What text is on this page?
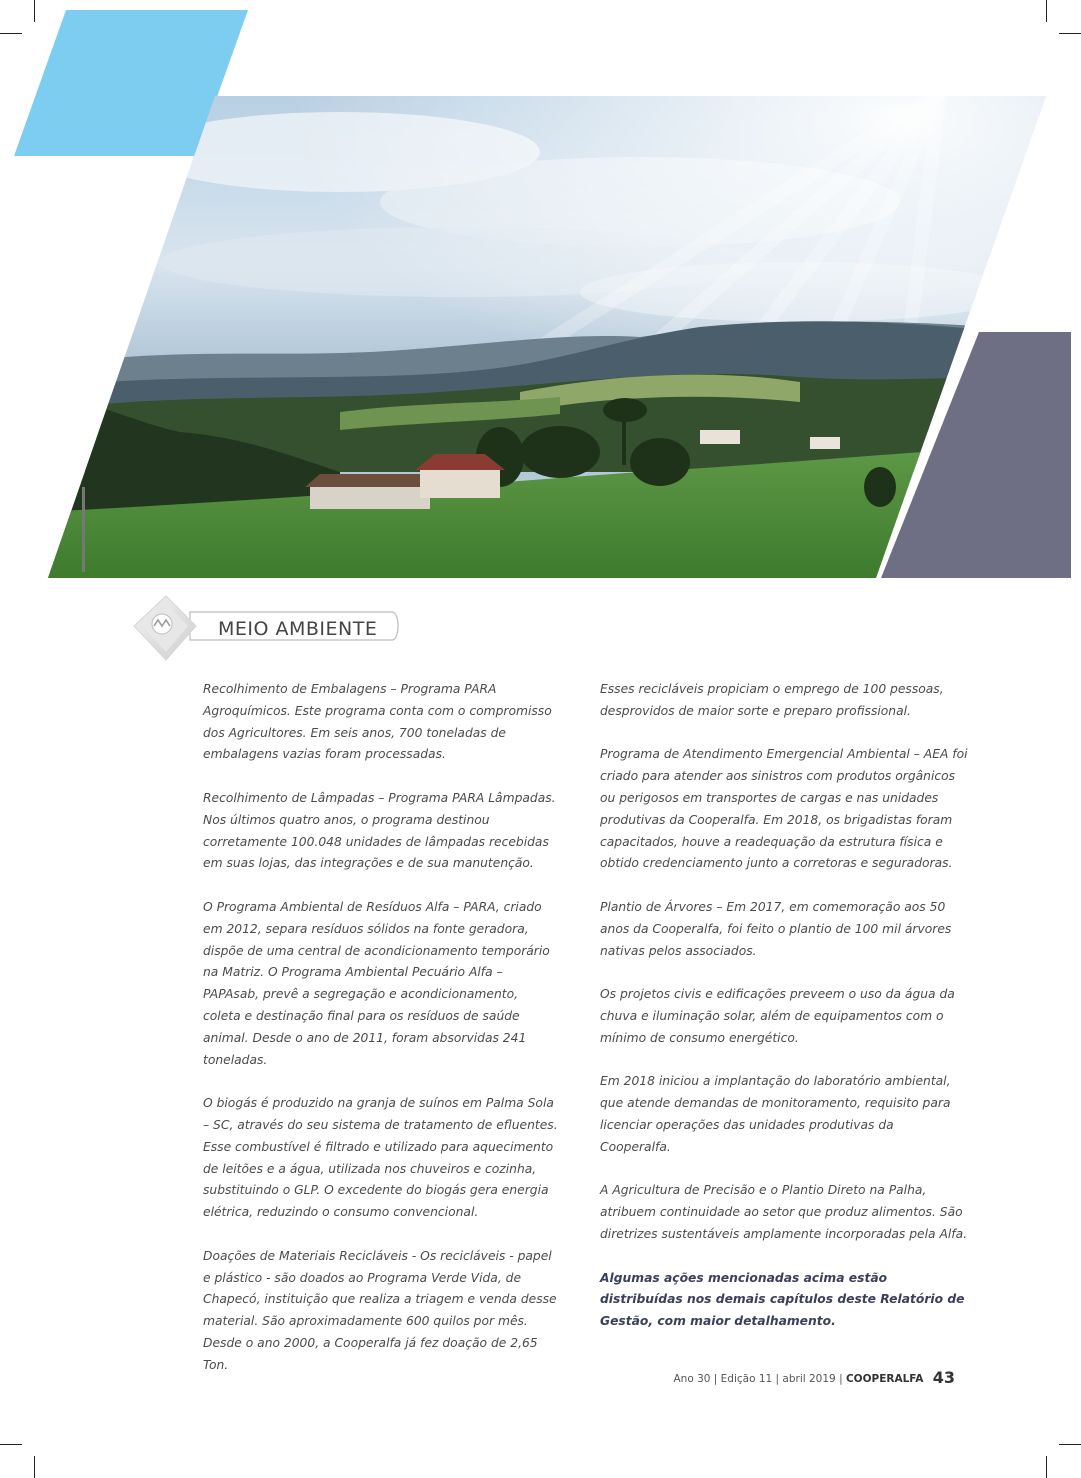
MEIO AMBIENTE

Recolhimento de Embalagens – Programa PARA Agroquímicos. Este programa conta com o compromisso dos Agricultores. Em seis anos, 700 toneladas de embalagens vazias foram processadas.

Recolhimento de Lâmpadas – Programa PARA Lâmpadas. Nos últimos quatro anos, o programa destinou corretamente 100.048 unidades de lâmpadas recebidas em suas lojas, das integrações e de sua manutenção.

O Programa Ambiental de Resíduos Alfa – PARA, criado em 2012, separa resíduos sólidos na fonte geradora, dispõe de uma central de acondicionamento temporário na Matriz. O Programa Ambiental Pecuário Alfa – PAPAsab, prevê a segregação e acondicionamento, coleta e destinação final para os resíduos de saúde animal. Desde o ano de 2011, foram absorvidas 241 toneladas.

O biogás é produzido na granja de suínos em Palma Sola – SC, através do seu sistema de tratamento de efluentes. Esse combustível é filtrado e utilizado para aquecimento de leitões e a água, utilizada nos chuveiros e cozinha, substituindo o GLP. O excedente do biogás gera energia elétrica, reduzindo o consumo convencional.

Doações de Materiais Recicláveis - Os recicláveis - papel e plástico - são doados ao Programa Verde Vida, de Chapecó, instituição que realiza a triagem e venda desse material. São aproximadamente 600 quilos por mês. Desde o ano 2000, a Cooperalfa já fez doação de 2,65 Ton.

Esses recicláveis propiciam o emprego de 100 pessoas, desprovidos de maior sorte e preparo profissional.

Programa de Atendimento Emergencial Ambiental – AEA foi criado para atender aos sinistros com produtos orgânicos ou perigosos em transportes de cargas e nas unidades produtivas da Cooperalfa. Em 2018, os brigadistas foram capacitados, houve a readequação da estrutura física e obtido credenciamento junto a corretoras e seguradoras.

Plantio de Árvores – Em 2017, em comemoração aos 50 anos da Cooperalfa, foi feito o plantio de 100 mil árvores nativas pelos associados.

Os projetos civis e edificações preveem o uso da água da chuva e iluminação solar, além de equipamentos com o mínimo de consumo energético.

Em 2018 iniciou a implantação do laboratório ambiental, que atende demandas de monitoramento, requisito para licenciar operações das unidades produtivas da Cooperalfa.

A Agricultura de Precisão e o Plantio Direto na Palha, atribuem continuidade ao setor que produz alimentos. São diretrizes sustentáveis amplamente incorporadas pela Alfa.

Algumas ações mencionadas acima estão distribuídas nos demais capítulos deste Relatório de Gestão, com maior detalhamento.

Ano 30 | Edição 11 | abril 2019 | COOPERALFA 43
